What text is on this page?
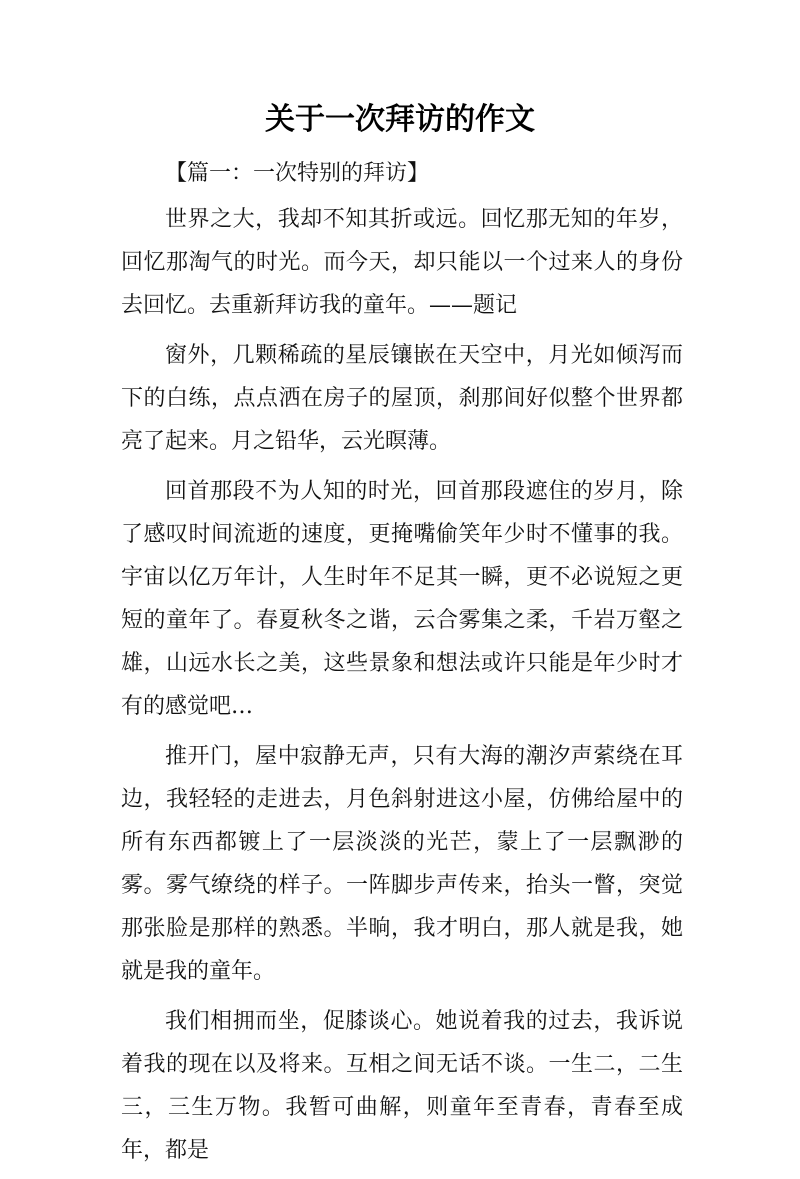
关于一次拜访的作文

【篇一：一次特别的拜访】

世界之大，我却不知其折或远。回忆那无知的年岁，回忆那淘气的时光。而今天，却只能以一个过来人的身份去回忆。去重新拜访我的童年。——题记

窗外，几颗稀疏的星辰镶嵌在天空中，月光如倾泻而下的白练，点点洒在房子的屋顶，刹那间好似整个世界都亮了起来。月之铅华，云光暝薄。

回首那段不为人知的时光，回首那段遮住的岁月，除了感叹时间流逝的速度，更掩嘴偷笑年少时不懂事的我。宇宙以亿万年计，人生时年不足其一瞬，更不必说短之更短的童年了。春夏秋冬之谐，云合雾集之柔，千岩万壑之雄，山远水长之美，这些景象和想法或许只能是年少时才有的感觉吧…

推开门，屋中寂静无声，只有大海的潮汐声萦绕在耳边，我轻轻的走进去，月色斜射进这小屋，仿佛给屋中的所有东西都镀上了一层淡淡的光芒，蒙上了一层飘渺的雾。雾气缭绕的样子。一阵脚步声传来，抬头一瞥，突觉那张脸是那样的熟悉。半晌，我才明白，那人就是我，她就是我的童年。

我们相拥而坐，促膝谈心。她说着我的过去，我诉说着我的现在以及将来。互相之间无话不谈。一生二，二生三，三生万物。我暂可曲解，则童年至青春，青春至成年，都是
